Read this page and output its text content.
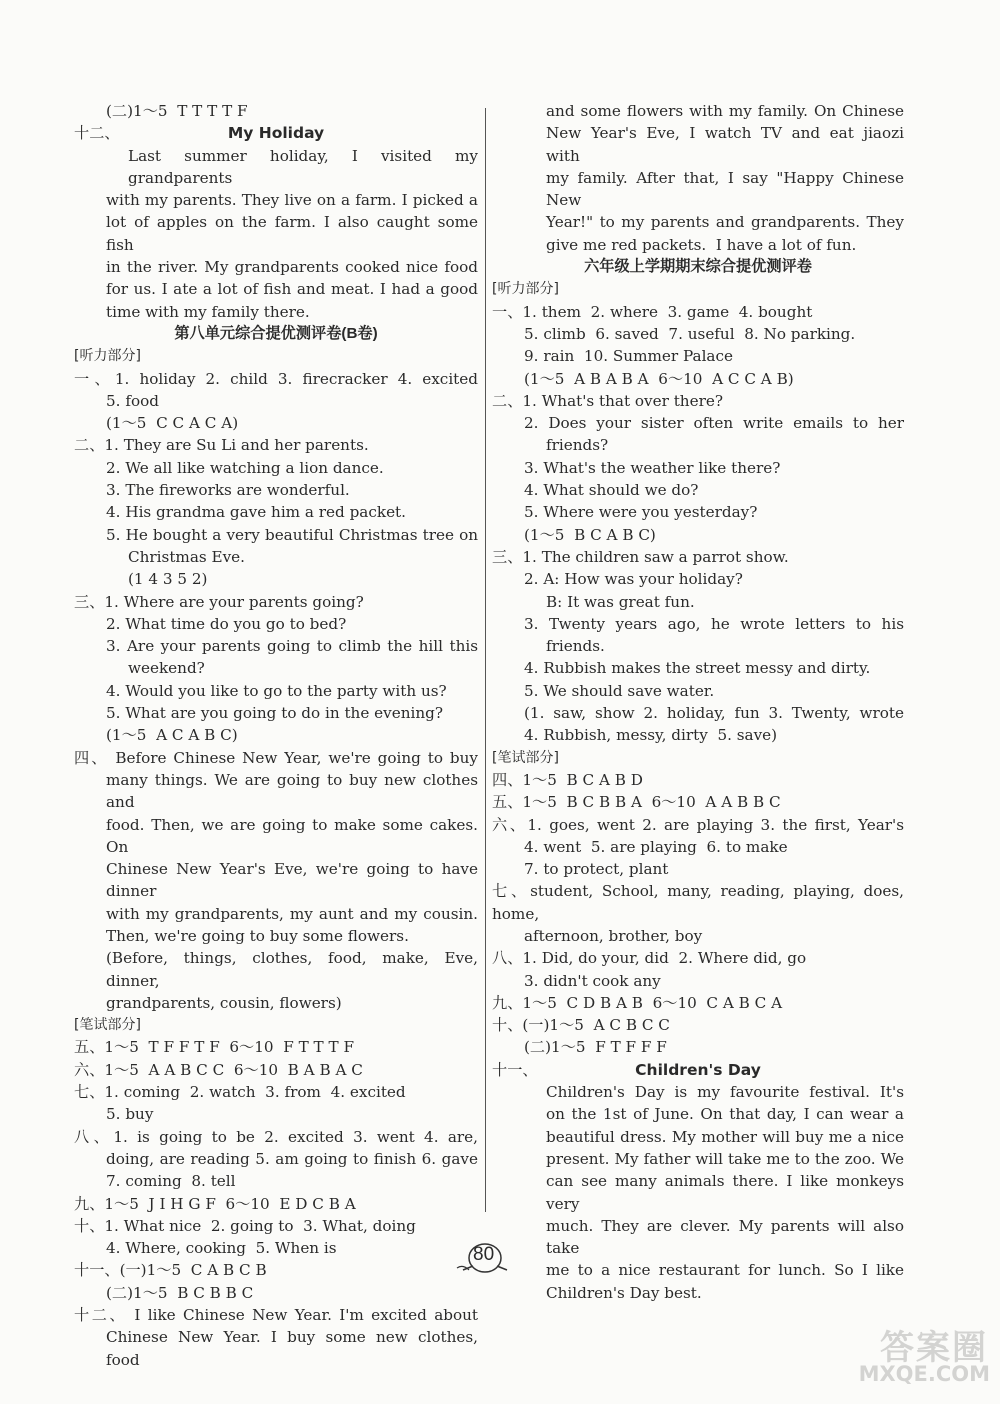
(二)1～5  T T T T F
十二、	My Holiday
Last summer holiday, I visited my grandparents
with my parents. They live on a farm. I picked a
lot of apples on the farm. I also caught some fish
in the river. My grandparents cooked nice food
for us. I ate a lot of fish and meat. I had a good
time with my family there.
第八单元综合提优测评卷(B卷)
[听力部分]
一、1. holiday 2. child 3. firecracker 4. excited
5. food
(1～5  C C A C A)
二、1. They are Su Li and her parents.
2. We all like watching a lion dance.
3. The fireworks are wonderful.
4. His grandma gave him a red packet.
5. He bought a very beautiful Christmas tree on
Christmas Eve.
(1 4 3 5 2)
三、1. Where are your parents going?
2. What time do you go to bed?
3. Are your parents going to climb the hill this
weekend?
4. Would you like to go to the party with us?
5. What are you going to do in the evening?
(1～5  A C A B C)
四、 Before Chinese New Year, we're going to buy
many things. We are going to buy new clothes and
food. Then, we are going to make some cakes. On
Chinese New Year's Eve, we're going to have dinner
with my grandparents, my aunt and my cousin.
Then, we're going to buy some flowers.
(Before, things, clothes, food, make, Eve, dinner,
grandparents, cousin, flowers)
[笔试部分]
五、1～5  T F F T F  6～10  F T T T F
六、1～5  A A B C C  6～10  B A B A C
七、1. coming  2. watch  3. from  4. excited
5. buy
八、1. is going to be 2. excited 3. went 4. are,
doing, are reading 5. am going to finish 6. gave
7. coming  8. tell
九、1～5  J I H G F  6～10  E D C B A
十、1. What nice  2. going to  3. What, doing
4. Where, cooking  5. When is
十一、(一)1～5  C A B C B
(二)1～5  B C B B C
十二、 I like Chinese New Year. I'm excited about
Chinese New Year. I buy some new clothes, food
and some flowers with my family. On Chinese
New Year's Eve, I watch TV and eat jiaozi with
my family. After that, I say "Happy Chinese New
Year!" to my parents and grandparents. They
give me red packets.  I have a lot of fun.
六年级上学期期末综合提优测评卷
[听力部分]
一、1. them  2. where  3. game  4. bought
5. climb  6. saved  7. useful  8. No parking.
9. rain  10. Summer Palace
(1～5  A B A B A  6～10  A C C A B)
二、1. What's that over there?
2. Does your sister often write emails to her
friends?
3. What's the weather like there?
4. What should we do?
5. Where were you yesterday?
(1～5  B C A B C)
三、1. The children saw a parrot show.
2. A: How was your holiday?
B: It was great fun.
3. Twenty years ago, he wrote letters to his
friends.
4. Rubbish makes the street messy and dirty.
5. We should save water.
(1. saw, show 2. holiday, fun 3. Twenty, wrote
4. Rubbish, messy, dirty  5. save)
[笔试部分]
四、1～5  B C A B D
五、1～5  B C B B A  6～10  A A B B C
六、1. goes, went 2. are playing 3. the first, Year's
4. went  5. are playing  6. to make
7. to protect, plant
七、student, School, many, reading, playing, does, home,
afternoon, brother, boy
八、1. Did, do your, did  2. Where did, go
3. didn't cook any
九、1～5  C D B A B  6～10  C A B C A
十、(一)1～5  A C B C C
(二)1～5  F T F F F
十一、	Children's Day
Children's Day is my favourite festival. It's
on the 1st of June. On that day, I can wear a
beautiful dress. My mother will buy me a nice
present. My father will take me to the zoo. We
can see many animals there. I like monkeys very
much. They are clever. My parents will also take
me to a nice restaurant for lunch. So I like
Children's Day best.
80
答案圈
MXQE.COM
